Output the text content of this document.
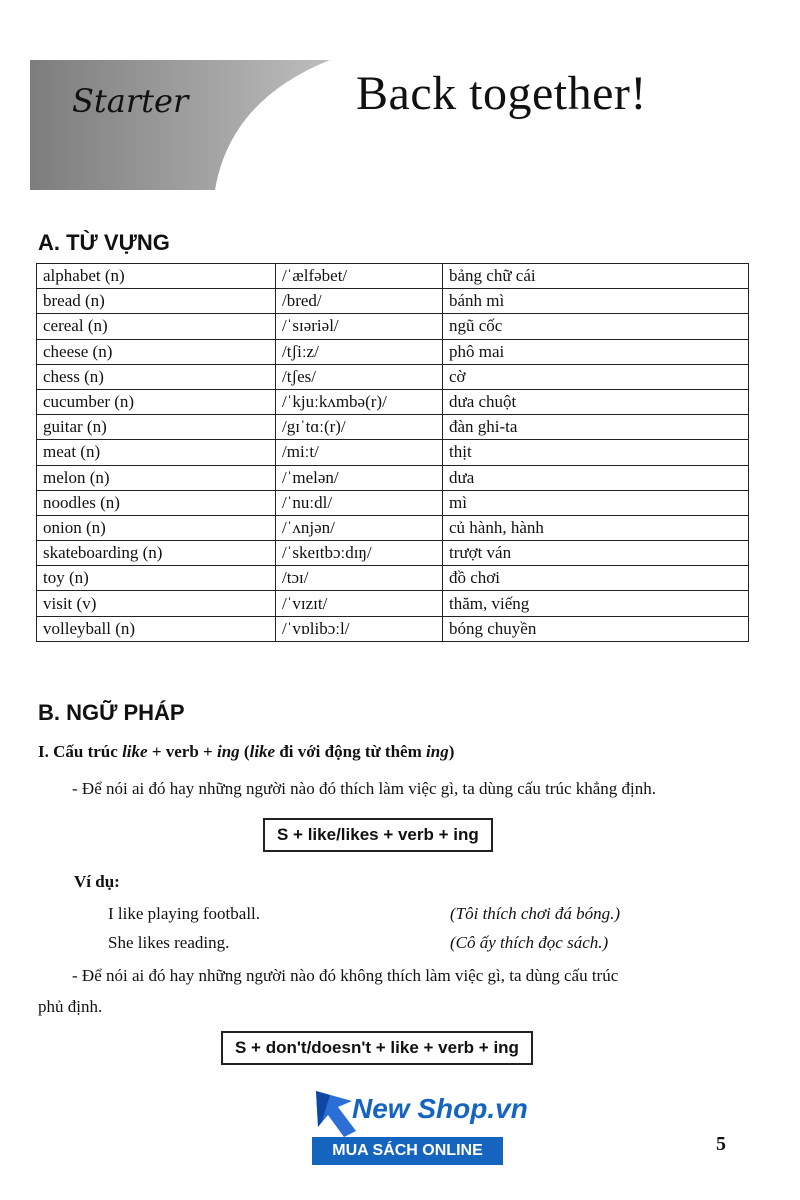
Starter	Back together!
A. TỪ VỰNG
alphabet (n)	/ˈælfəbet/	bảng chữ cái
bread (n)	/bred/	bánh mì
cereal (n)	/ˈsɪəriəl/	ngũ cốc
cheese (n)	/tʃiːz/	phô mai
chess (n)	/tʃes/	cờ
cucumber (n)	/ˈkjuːkʌmbə(r)/	dưa chuột
guitar (n)	/gɪˈtɑː(r)/	đàn ghi-ta
meat (n)	/miːt/	thịt
melon (n)	/ˈmelən/	dưa
noodles (n)	/ˈnuːdl/	mì
onion (n)	/ˈʌnjən/	củ hành, hành
skateboarding (n)	/ˈskeɪtbɔːdɪŋ/	trượt ván
toy (n)	/tɔɪ/	đồ chơi
visit (v)	/ˈvɪzɪt/	thăm, viếng
volleyball (n)	/ˈvɒlibɔːl/	bóng chuyền
B. NGỮ PHÁP
I. Cấu trúc like + verb + ing (like đi với động từ thêm ing)
- Để nói ai đó hay những người nào đó thích làm việc gì, ta dùng cấu trúc khẳng định.
S + like/likes + verb + ing
Ví dụ:
I like playing football.	(Tôi thích chơi đá bóng.)
She likes reading.	(Cô ấy thích đọc sách.)
- Để nói ai đó hay những người nào đó không thích làm việc gì, ta dùng cấu trúc
phủ định.
S + don't/doesn't + like + verb + ing
New Shop.vn
MUA SÁCH ONLINE	5
